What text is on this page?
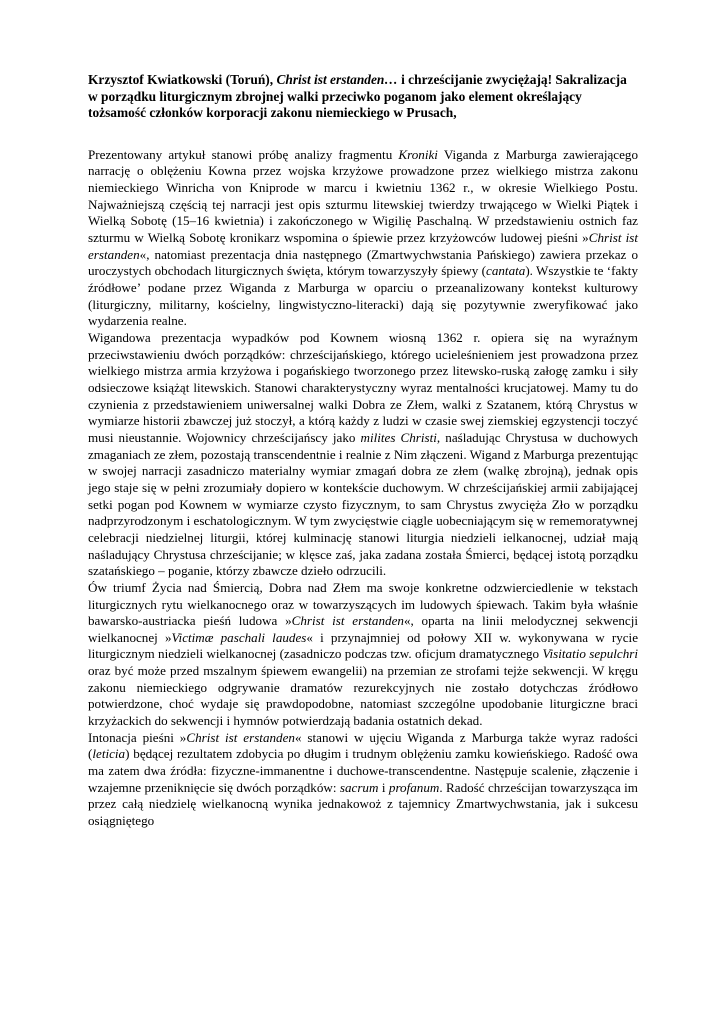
Krzysztof Kwiatkowski (Toruń), Christ ist erstanden… i chrześcijanie zwyciężają! Sakralizacja w porządku liturgicznym zbrojnej walki przeciwko poganom jako element określający tożsamość członków korporacji zakonu niemieckiego w Prusach,

Prezentowany artykuł stanowi próbę analizy fragmentu Kroniki Viganda z Marburga zawierającego narrację o oblężeniu Kowna przez wojska krzyżowe prowadzone przez wielkiego mistrza zakonu niemieckiego Winricha von Kniprode w marcu i kwietniu 1362 r., w okresie Wielkiego Postu. Najważniejszą częścią tej narracji jest opis szturmu litewskiej twierdzy trwającego w Wielki Piątek i Wielką Sobotę (15–16 kwietnia) i zakończonego w Wigilię Paschalną. W przedstawieniu ostnich faz szturmu w Wielką Sobotę kronikarz wspomina o śpiewie przez krzyżowców ludowej pieśni »Christ ist erstanden«, natomiast prezentacja dnia następnego (Zmartwychwstania Pańskiego) zawiera przekaz o uroczystych obchodach liturgicznych święta, którym towarzyszyły śpiewy (cantata). Wszystkie te ‘fakty źródłowe’ podane przez Wiganda z Marburga w oparciu o przeanalizowany kontekst kulturowy (liturgiczny, militarny, kościelny, lingwistyczno-literacki) dają się pozytywnie zweryfikować jako wydarzenia realne.

Wigandowa prezentacja wypadków pod Kownem wiosną 1362 r. opiera się na wyraźnym przeciwstawieniu dwóch porządków: chrześcijańskiego, którego ucieleśnieniem jest prowadzona przez wielkiego mistrza armia krzyżowa i pogańskiego tworzonego przez litewsko-ruską załogę zamku i siły odsieczowe książąt litewskich. Stanowi charakterystyczny wyraz mentalności krucjatowej. Mamy tu do czynienia z przedstawieniem uniwersalnej walki Dobra ze Złem, walki z Szatanem, którą Chrystus w wymiarze historii zbawczej już stoczył, a którą każdy z ludzi w czasie swej ziemskiej egzystencji toczyć musi nieustannie. Wojownicy chrześcijańscy jako milites Christi, naśladując Chrystusa w duchowych zmaganiach ze złem, pozostają transcendentnie i realnie z Nim złączeni. Wigand z Marburga prezentując w swojej narracji zasadniczo materialny wymiar zmagań dobra ze złem (walkę zbrojną), jednak opis jego staje się w pełni zrozumiały dopiero w kontekście duchowym. W chrześcijańskiej armii zabijającej setki pogan pod Kownem w wymiarze czysto fizycznym, to sam Chrystus zwycięża Zło w porządku nadprzyrodzonym i eschatologicznym. W tym zwycięstwie ciągle uobecniającym się w rememoratywnej celebracji niedzielnej liturgii, której kulminację stanowi liturgia niedzieli ielkanocnej, udział mają naśladujący Chrystusa chrześcijanie; w klęsce zaś, jaka zadana została Śmierci, będącej istotą porządku szatańskiego – poganie, którzy zbawcze dzieło odrzucili.

Ów triumf Życia nad Śmiercią, Dobra nad Złem ma swoje konkretne odzwierciedlenie w tekstach liturgicznych rytu wielkanocnego oraz w towarzyszących im ludowych śpiewach. Takim była właśnie bawarsko-austriacka pieśń ludowa »Christ ist erstanden«, oparta na linii melodycznej sekwencji wielkanocnej »Victimæ paschali laudes« i przynajmniej od połowy XII w. wykonywana w rycie liturgicznym niedzieli wielkanocnej (zasadniczo podczas tzw. oficjum dramatycznego Visitatio sepulchri oraz być może przed mszalnym śpiewem ewangelii) na przemian ze strofami tejże sekwencji. W kręgu zakonu niemieckiego odgrywanie dramatów rezurekcyjnych nie zostało dotychczas źródłowo potwierdzone, choć wydaje się prawdopodobne, natomiast szczególne upodobanie liturgiczne braci krzyżackich do sekwencji i hymnów potwierdzają badania ostatnich dekad.

Intonacja pieśni »Christ ist erstanden« stanowi w ujęciu Wiganda z Marburga także wyraz radości (leticia) będącej rezultatem zdobycia po długim i trudnym oblężeniu zamku kowieńskiego. Radość owa ma zatem dwa źródła: fizyczne-immanentne i duchowe-transcendentne. Następuje scalenie, złączenie i wzajemne przeniknięcie się dwóch porządków: sacrum i profanum. Radość chrześcijan towarzysząca im przez całą niedzielę wielkanocną wynika jednakowoż z tajemnicy Zmartwychwstania, jak i sukcesu osiągniętego
